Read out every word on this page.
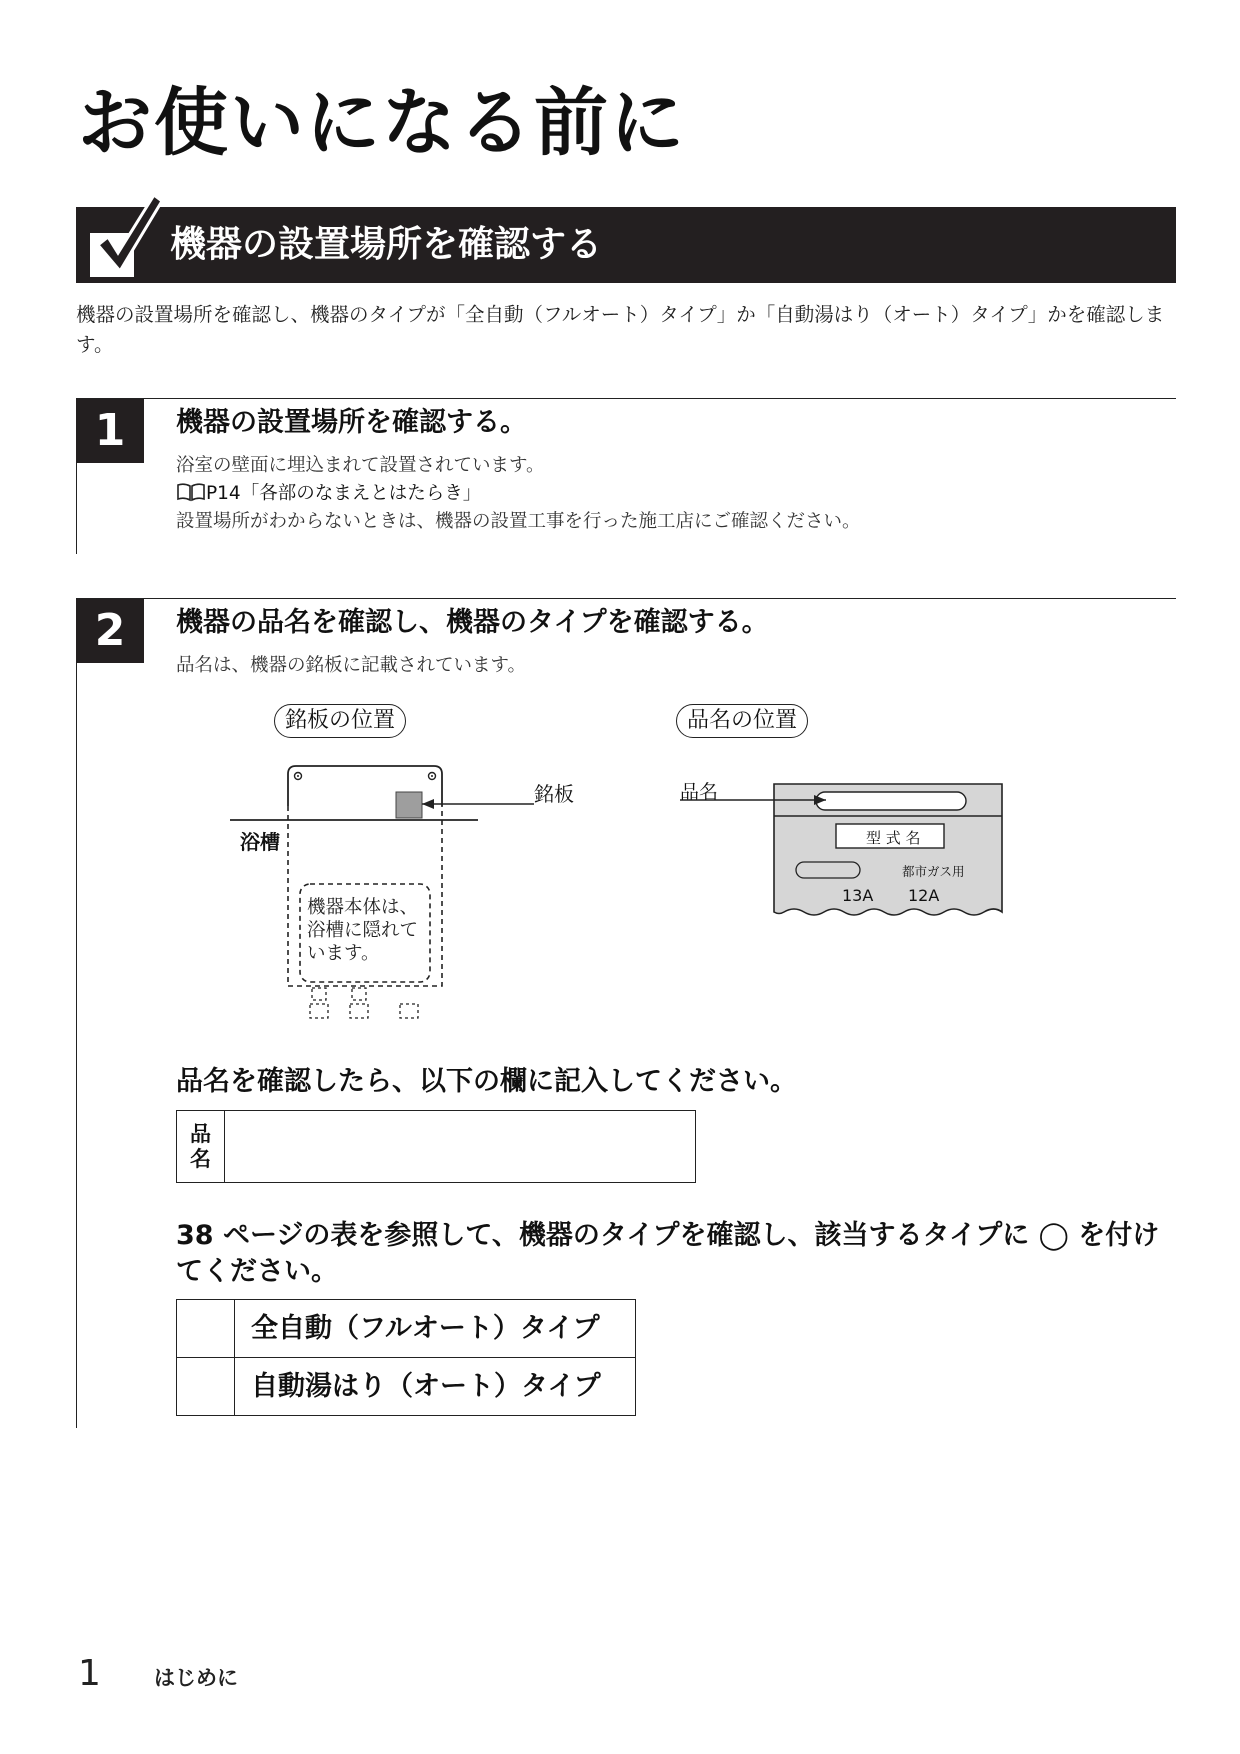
お使いになる前に
機器の設置場所を確認する
機器の設置場所を確認し、機器のタイプが「全自動（フルオート）タイプ」か「自動湯はり（オート）タイプ」かを確認します。
1	機器の設置場所を確認する。
浴室の壁面に埋込まれて設置されています。
P14「各部のなまえとはたらき」
設置場所がわからないときは、機器の設置工事を行った施工店にご確認ください。
2	機器の品名を確認し、機器のタイプを確認する。
品名は、機器の銘板に記載されています。
銘板の位置
銘板
浴槽
機器本体は、
浴槽に隠れて
います。
品名の位置
品名
型 式 名
都市ガス用
13A 12A
品名を確認したら、以下の欄に記入してください。
品
名
38 ページの表を参照して、機器のタイプを確認し、該当するタイプに ◯ を付けてください。
全自動（フルオート）タイプ
自動湯はり（オート）タイプ
1	はじめに
